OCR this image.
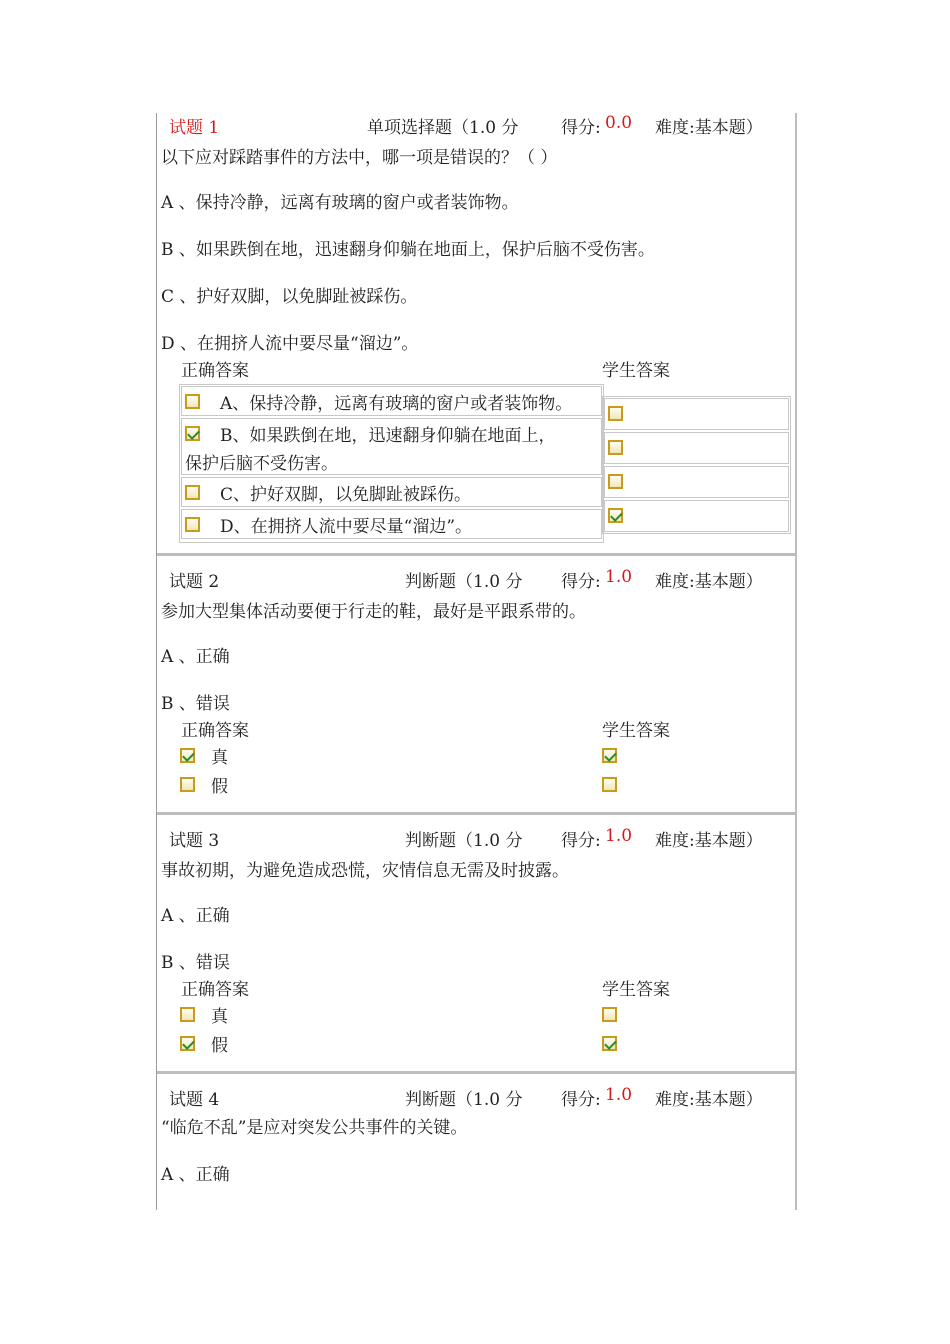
试题 1	单项选择题（1.0 分	得分: 0.0 难度:基本题）
以下应对踩踏事件的方法中，哪一项是错误的？（ ）
A 、保持冷静，远离有玻璃的窗户或者装饰物。
B 、如果跌倒在地，迅速翻身仰躺在地面上，保护后脑不受伤害。
C 、护好双脚，以免脚趾被踩伤。
D 、在拥挤人流中要尽量“溜边”。
正确答案	学生答案
A、保持冷静，远离有玻璃的窗户或者装饰物。
B、如果跌倒在地，迅速翻身仰躺在地面上，
保护后脑不受伤害。
C、护好双脚，以免脚趾被踩伤。
D、在拥挤人流中要尽量“溜边”。
试题 2	判断题（1.0 分 得分: 1.0 难度:基本题）
参加大型集体活动要便于行走的鞋，最好是平跟系带的。
A 、正确
B 、错误
正确答案	学生答案
真
假
试题 3	判断题（1.0 分 得分: 1.0 难度:基本题）
事故初期，为避免造成恐慌，灾情信息无需及时披露。
A 、正确
B 、错误
正确答案	学生答案
真
假
试题 4	判断题（1.0 分 得分: 1.0 难度:基本题）
“临危不乱”是应对突发公共事件的关键。
A 、正确
